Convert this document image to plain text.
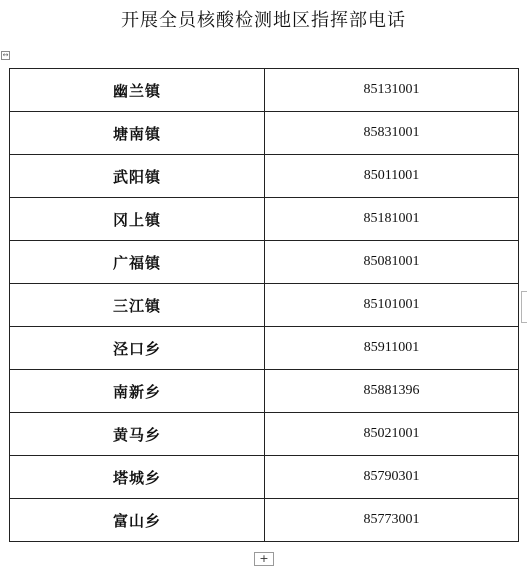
开展全员核酸检测地区指挥部电话
↔
幽兰镇	85131001
塘南镇	85831001
武阳镇	85011001
冈上镇	85181001
广福镇	85081001
三江镇	85101001
泾口乡	85911001
南新乡	85881396
黄马乡	85021001
塔城乡	85790301
富山乡	85773001
+
